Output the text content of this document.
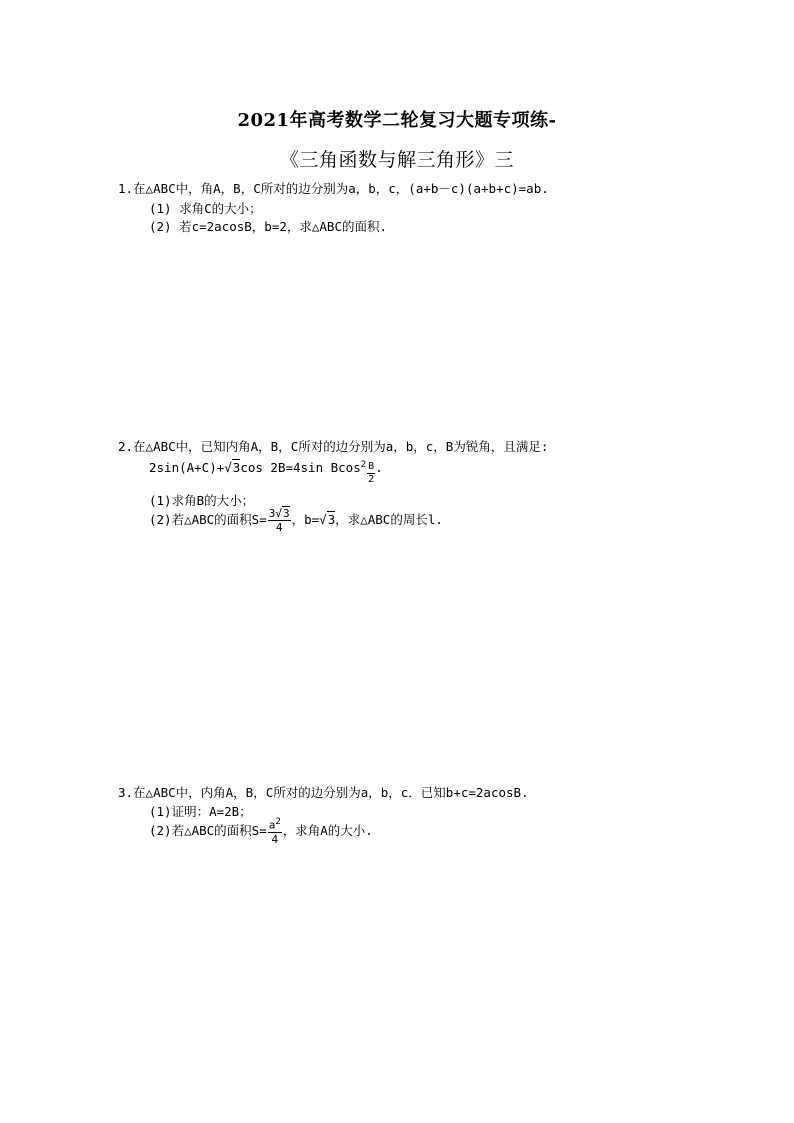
2021年高考数学二轮复习大题专项练-
《三角函数与解三角形》三
1.在△ABC中，角A，B，C所对的边分别为a，b，c，(a+b－c)(a+b+c)=ab.
(1) 求角C的大小；
(2) 若c=2acosB，b=2，求△ABC的面积.
2.在△ABC中，已知内角A，B，C所对的边分别为a，b，c，B为锐角，且满足:
2sin(A+C)+√3cos 2B=4sin $Bcos^2 \frac{B}{2}$ .
(1)求角B的大小；
(2)若△ABC的面积$S= \frac{3√3}{4}$ ，b=√3，求△ABC的周长l.
3.在△ABC中，内角A，B，C所对的边分别为a，b，c．已知b+c=2acosB.
(1)证明：A=2B；
(2)若△ABC的面积$S= \frac{a^2}{4}$ ，求角A的大小.
